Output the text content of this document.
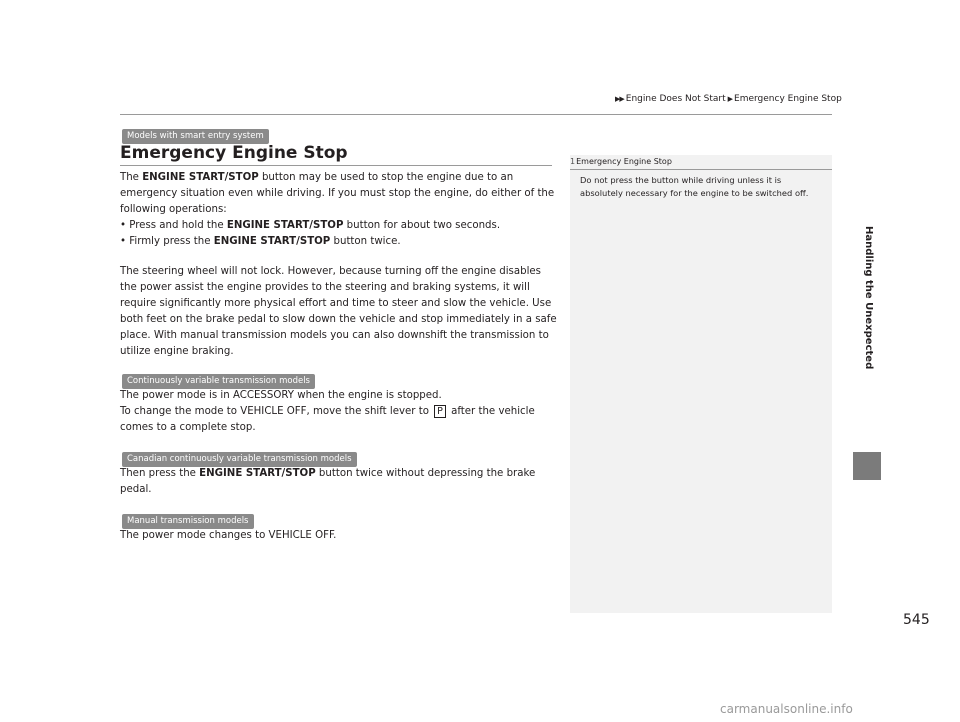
▶▶ Engine Does Not Start ▶ Emergency Engine Stop
Handling the Unexpected
Models with smart entry system
Emergency Engine Stop

The ENGINE START/STOP button may be used to stop the engine due to an emergency situation even while driving. If you must stop the engine, do either of the following operations:

• Press and hold the ENGINE START/STOP button for about two seconds.

• Firmly press the ENGINE START/STOP button twice.

The steering wheel will not lock. However, because turning off the engine disables the power assist the engine provides to the steering and braking systems, it will require significantly more physical effort and time to steer and slow the vehicle. Use both feet on the brake pedal to slow down the vehicle and stop immediately in a safe place. With manual transmission models you can also downshift the transmission to utilize engine braking.
Continuously variable transmission models

The power mode is in ACCESSORY when the engine is stopped.

To change the mode to VEHICLE OFF, move the shift lever to P after the vehicle comes to a complete stop.

Canadian continuously variable transmission models

Then press the ENGINE START/STOP button twice without depressing the brake pedal.

Manual transmission models
The power mode changes to VEHICLE OFF.
1Emergency Engine Stop
Do not press the button while driving unless it is absolutely necessary for the engine to be switched off.
545
carmanualsonline.info
